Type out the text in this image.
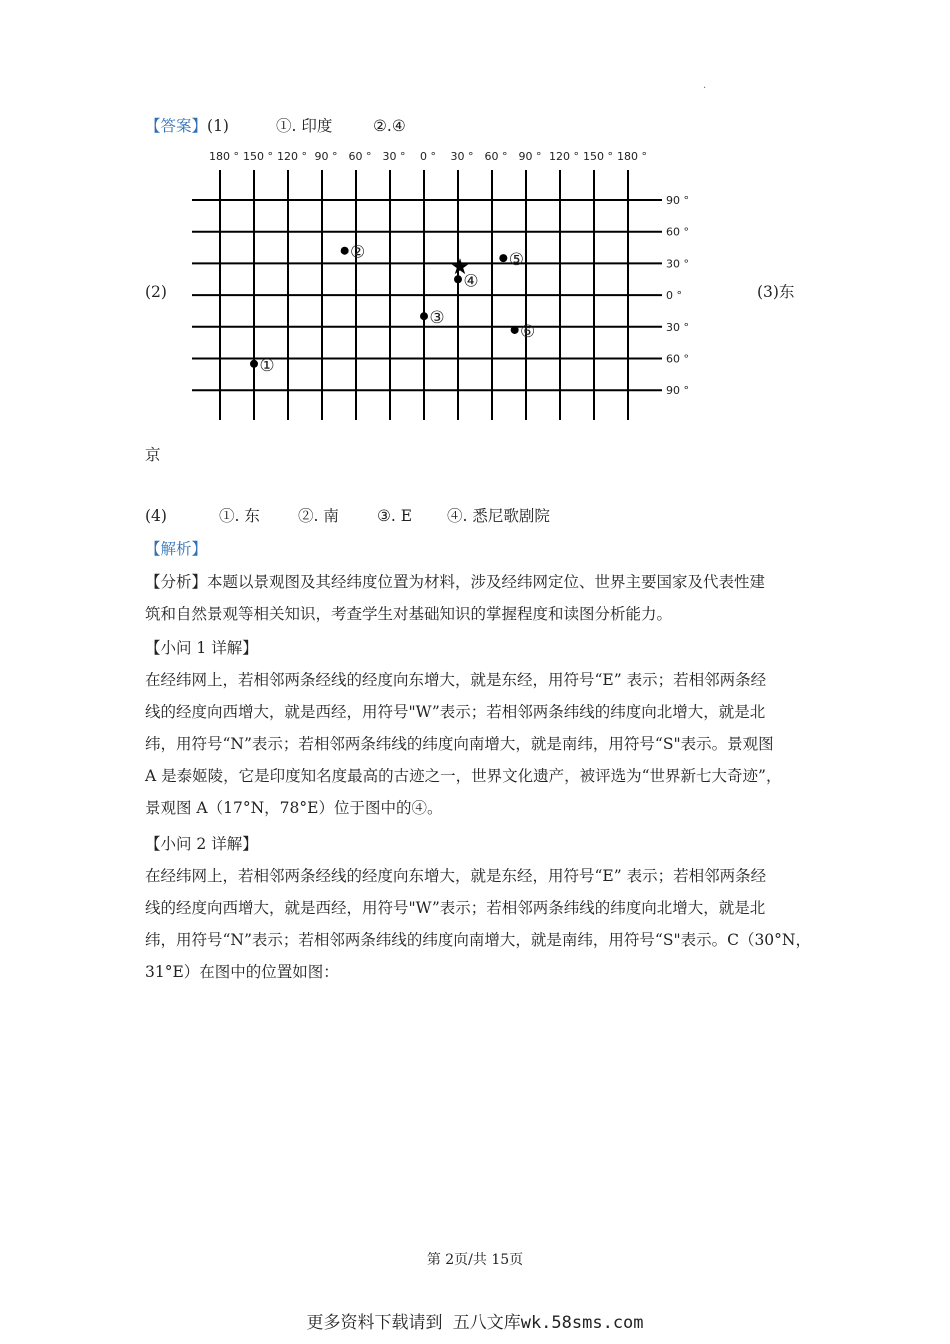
.
【答案】(1)	①. 印度	②.④
180 ° 150 ° 120 ° 90 ° 60 ° 30 ° 0 ° 30 ° 60 ° 90 ° 120 ° 150 ° 180 °
90 °
60 °
30 °
0 °
30 °
60 °
90 °
①
②
③
④
⑤
⑥
★
(2)	(3)东
京
(4)	①. 东 ②. 南 ③. E ④. 悉尼歌剧院
【解析】

【分析】本题以景观图及其经纬度位置为材料，涉及经纬网定位、世界主要国家及代表性建

筑和自然景观等相关知识，考查学生对基础知识的掌握程度和读图分析能力。

【小问 1 详解】

在经纬网上，若相邻两条经线的经度向东增大，就是东经，用符号“E” 表示；若相邻两条经

线的经度向西增大，就是西经，用符号"W”表示；若相邻两条纬线的纬度向北增大，就是北

纬，用符号“N”表示；若相邻两条纬线的纬度向南增大，就是南纬，用符号“S"表示。景观图

A 是泰姬陵，它是印度知名度最高的古迹之一，世界文化遗产，被评选为“世界新七大奇迹”，

景观图 A（17°N，78°E）位于图中的④。

【小问 2 详解】

在经纬网上，若相邻两条经线的经度向东增大，就是东经，用符号“E” 表示；若相邻两条经

线的经度向西增大，就是西经，用符号"W”表示；若相邻两条纬线的纬度向北增大，就是北

纬，用符号“N”表示；若相邻两条纬线的纬度向南增大，就是南纬，用符号“S"表示。C（30°N，

31°E）在图中的位置如图：

第 2页/共 15页
更多资料下载请到 五八文库wk.58sms.com
